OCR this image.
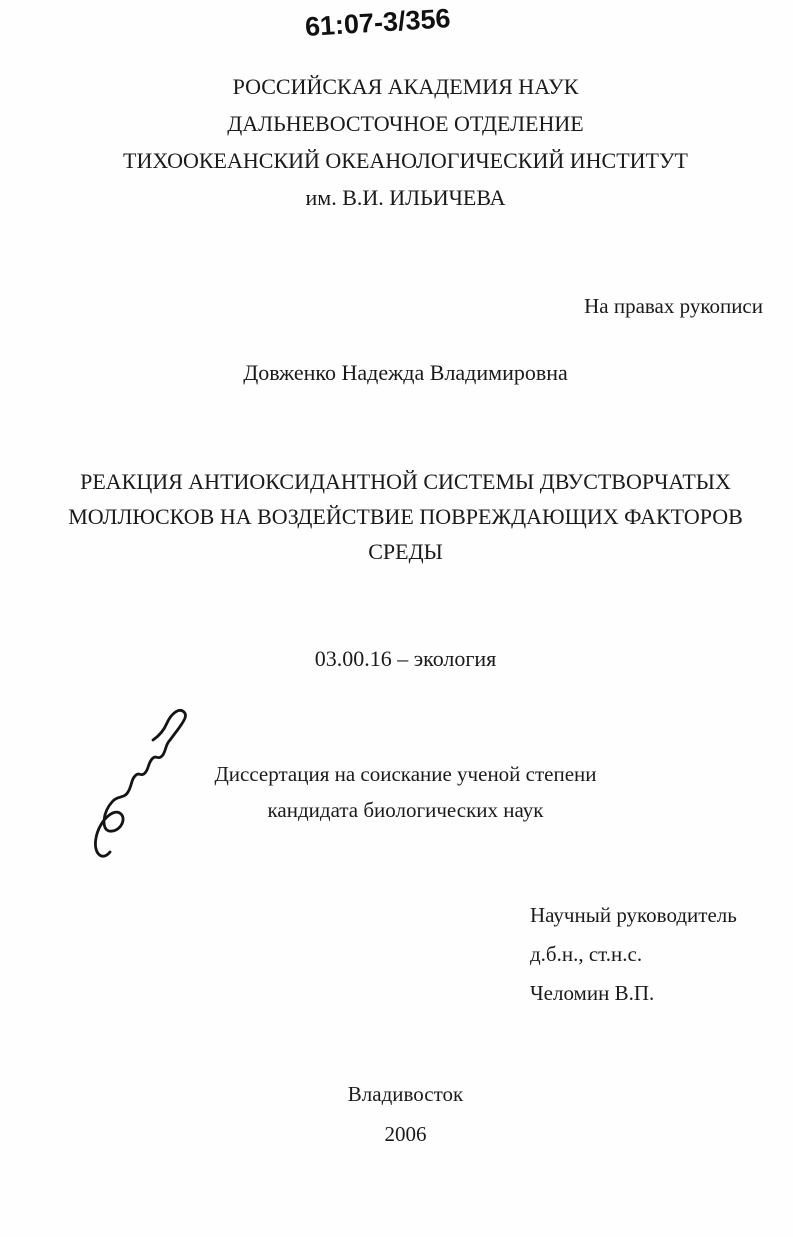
61:07-3/356
РОССИЙСКАЯ АКАДЕМИЯ НАУК
ДАЛЬНЕВОСТОЧНОЕ ОТДЕЛЕНИЕ
ТИХООКЕАНСКИЙ ОКЕАНОЛОГИЧЕСКИЙ ИНСТИТУТ
им. В.И. ИЛЬИЧЕВА
На правах рукописи
Довженко Надежда Владимировна
РЕАКЦИЯ АНТИОКСИДАНТНОЙ СИСТЕМЫ ДВУСТВОРЧАТЫХ
МОЛЛЮСКОВ НА ВОЗДЕЙСТВИЕ ПОВРЕЖДАЮЩИХ ФАКТОРОВ
СРЕДЫ
03.00.16 – экология
Диссертация на соискание ученой степени
кандидата биологических наук
Научный руководитель
д.б.н., ст.н.с.
Челомин В.П.
Владивосток
2006
